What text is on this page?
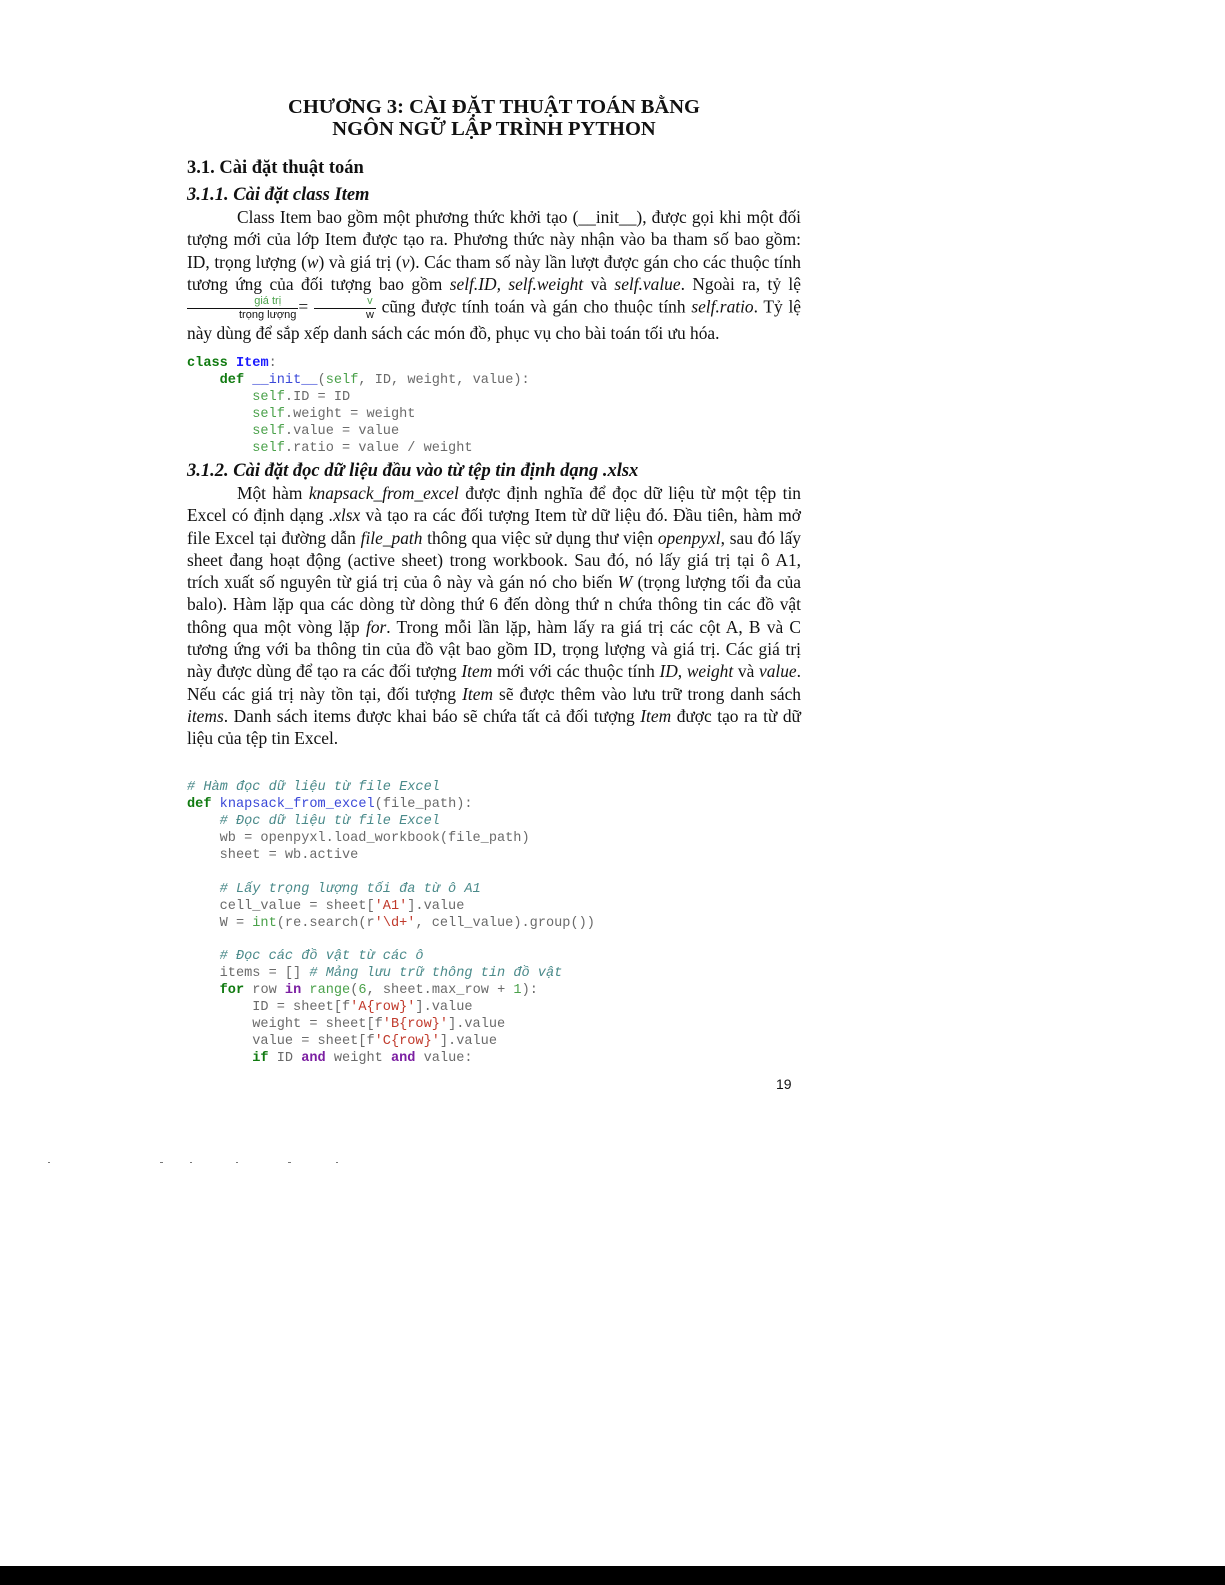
CHƯƠNG 3: CÀI ĐẶT THUẬT TOÁN BẰNG
NGÔN NGỮ LẬP TRÌNH PYTHON
3.1. Cài đặt thuật toán
3.1.1. Cài đặt class Item

Class Item bao gồm một phương thức khởi tạo (__init__), được gọi khi một đối tượng mới của lớp Item được tạo ra. Phương thức này nhận vào ba tham số bao gồm: ID, trọng lượng (w) và giá trị (v). Các tham số này lần lượt được gán cho các thuộc tính tương ứng của đối tượng bao gồm self.ID, self.weight và self.value. Ngoài ra, tỷ lệ
$\frac{\text{giá trị}}{\text{trọng lượng}} = \frac{v}{w}$ cũng được tính toán và gán cho thuộc tính self.ratio. Tỷ lệ này dùng để sắp xếp danh sách các món đồ, phục vụ cho bài toán tối ưu hóa.

class Item:
def __init__(self, ID, weight, value):
self.ID = ID
self.weight = weight
self.value = value
self.ratio = value / weight
3.1.2. Cài đặt đọc dữ liệu đầu vào từ tệp tin định dạng .xlsx

Một hàm knapsack_from_excel được định nghĩa để đọc dữ liệu từ một tệp tin Excel có định dạng .xlsx và tạo ra các đối tượng Item từ dữ liệu đó. Đầu tiên, hàm mở file Excel tại đường dẫn file_path thông qua việc sử dụng thư viện openpyxl, sau đó lấy sheet đang hoạt động (active sheet) trong workbook. Sau đó, nó lấy giá trị tại ô A1, trích xuất số nguyên từ giá trị của ô này và gán nó cho biến W (trọng lượng tối đa của balo). Hàm lặp qua các dòng từ dòng thứ 6 đến dòng thứ n chứa thông tin các đồ vật thông qua một vòng lặp for. Trong mỗi lần lặp, hàm lấy ra giá trị các cột A, B và C tương ứng với ba thông tin của đồ vật bao gồm ID, trọng lượng và giá trị. Các giá trị này được dùng để tạo ra các đối tượng Item mới với các thuộc tính ID, weight và value. Nếu các giá trị này tồn tại, đối tượng Item sẽ được thêm vào lưu trữ trong danh sách items. Danh sách items được khai báo sẽ chứa tất cả đối tượng Item được tạo ra từ dữ liệu của tệp tin Excel.

# Hàm đọc dữ liệu từ file Excel
def knapsack_from_excel(file_path):
# Đọc dữ liệu từ file Excel
wb = openpyxl.load_workbook(file_path)
sheet = wb.active

# Lấy trọng lượng tối đa từ ô A1
cell_value = sheet['A1'].value
W = int(re.search(r'\d+', cell_value).group())

# Đọc các đồ vật từ các ô
items = [] # Mảng lưu trữ thông tin đồ vật
for row in range(6, sheet.max_row + 1):
ID = sheet[f'A{row}'].value
weight = sheet[f'B{row}'].value
value = sheet[f'C{row}'].value
if ID and weight and value:
19
